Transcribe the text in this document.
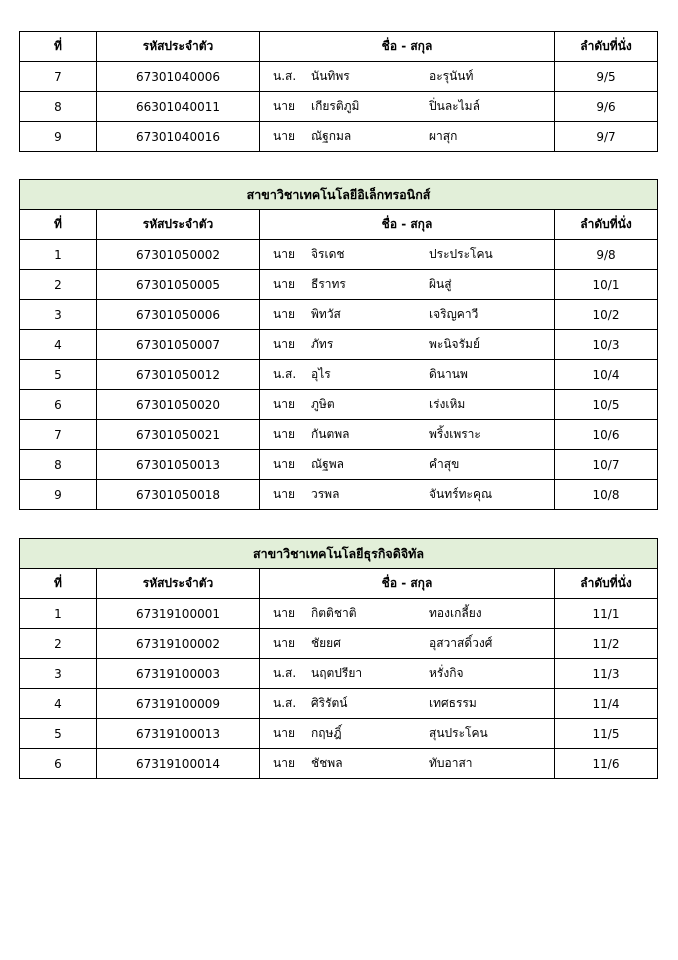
ที่	รหัสประจำตัว	ชื่อ - สกุล	ลำดับที่นั่ง
7	67301040006	น.ส. นันทิพร อะรุนันท์	9/5
8	66301040011	นาย เกียรติภูมิ ปิ่นละไมล์	9/6
9	67301040016	นาย ณัฐกมล ผาสุก	9/7
สาขาวิชาเทคโนโลยีอิเล็กทรอนิกส์			
ที่	รหัสประจำตัว	ชื่อ - สกุล	ลำดับที่นั่ง
1	67301050002	นาย จิรเดช ประประโคน	9/8
2	67301050005	นาย ธีราทร ผินสู่	10/1
3	67301050006	นาย พิทวัส เจริญคาวี	10/2
4	67301050007	นาย ภัทร พะนิจรัมย์	10/3
5	67301050012	น.ส. อุไร ดินานพ	10/4
6	67301050020	นาย ภูษิต เร่งเหิม	10/5
7	67301050021	นาย กันตพล พริ้งเพราะ	10/6
8	67301050013	นาย ณัฐพล คำสุข	10/7
9	67301050018	นาย วรพล จันทร์ทะคุณ	10/8
สาขาวิชาเทคโนโลยีธุรกิจดิจิทัล			
ที่	รหัสประจำตัว	ชื่อ - สกุล	ลำดับที่นั่ง
1	67319100001	นาย กิตติชาติ ทองเกลี้ยง	11/1
2	67319100002	นาย ชัยยศ อุสวาสดิ์วงศ์	11/2
3	67319100003	น.ส. นฤตปรียา หรั่งกิจ	11/3
4	67319100009	น.ส. ศิริรัตน์ เทศธรรม	11/4
5	67319100013	นาย กฤษฎิ์ สุนประโคน	11/5
6	67319100014	นาย ชัชพล ทับอาสา	11/6
